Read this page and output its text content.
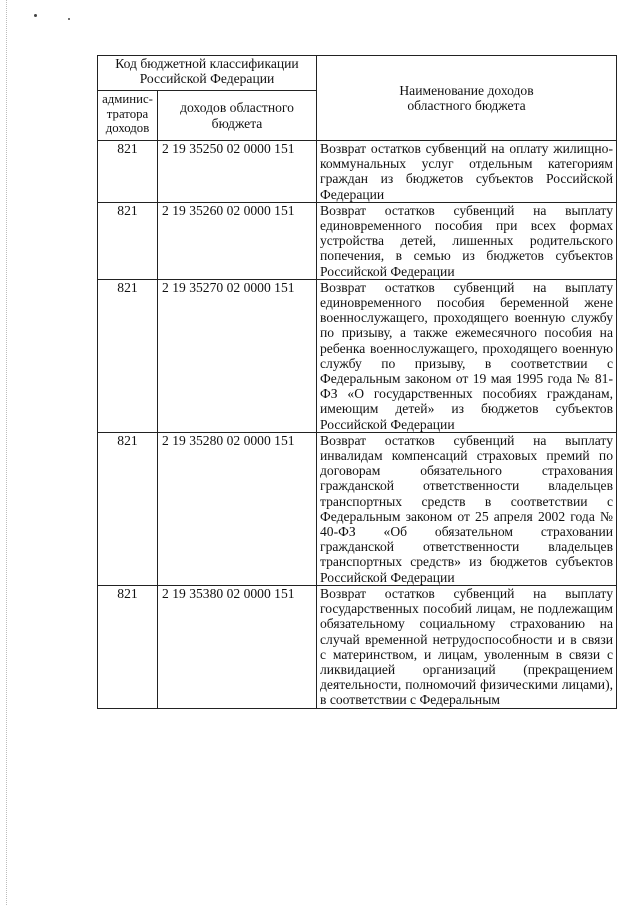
Код бюджетной классификации Российской Федерации		Наименование доходов областного бюджета
админис-тратора доходов	доходов областного бюджета	
821	2 19 35250 02 0000 151	Возврат остатков субвенций на оплату жилищно-коммунальных услуг отдельным категориям граждан из бюджетов субъектов Российской Федерации
821	2 19 35260 02 0000 151	Возврат остатков субвенций на выплату единовременного пособия при всех формах устройства детей, лишенных родительского попечения, в семью из бюджетов субъектов Российской Федерации
821	2 19 35270 02 0000 151	Возврат остатков субвенций на выплату единовременного пособия беременной жене военнослужащего, проходящего военную службу по призыву, а также ежемесячного пособия на ребенка военнослужащего, проходящего военную службу по призыву, в соответствии с Федеральным законом от 19 мая 1995 года № 81-ФЗ «О государственных пособиях гражданам, имеющим детей» из бюджетов субъектов Российской Федерации
821	2 19 35280 02 0000 151	Возврат остатков субвенций на выплату инвалидам компенсаций страховых премий по договорам обязательного страхования гражданской ответственности владельцев транспортных средств в соответствии с Федеральным законом от 25 апреля 2002 года № 40-ФЗ «Об обязательном страховании гражданской ответственности владельцев транспортных средств» из бюджетов субъектов Российской Федерации
821	2 19 35380 02 0000 151	Возврат остатков субвенций на выплату государственных пособий лицам, не подлежащим обязательному социальному страхованию на случай временной нетрудоспособности и в связи с материнством, и лицам, уволенным в связи с ликвидацией организаций (прекращением деятельности, полномочий физическими лицами), в соответствии с Федеральным
